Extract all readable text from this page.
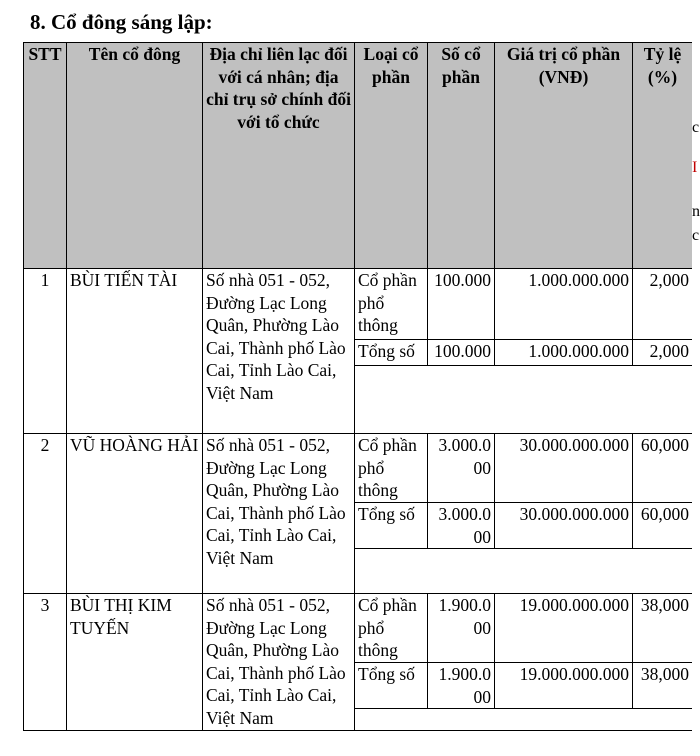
8. Cổ đông sáng lập:
STT	Tên cổ đông	Địa chỉ liên lạc đối với cá nhân; địa chỉ trụ sở chính đối với tổ chức	Loại cổ phần	Số cổ phần	Giá trị cổ phần (VNĐ)	Tỷ lệ (%)
1	BÙI TIẾN TÀI	Số nhà 051 - 052, Đường Lạc Long Quân, Phường Lào Cai, Thành phố Lào Cai, Tỉnh Lào Cai, Việt Nam	Cổ phần phổ thông	100.000	1.000.000.000	2,000
			Tổng số	100.000	1.000.000.000	2,000

2	VŨ HOÀNG HẢI	Số nhà 051 - 052, Đường Lạc Long Quân, Phường Lào Cai, Thành phố Lào Cai, Tỉnh Lào Cai, Việt Nam	Cổ phần phổ thông	3.000.000	30.000.000.000	60,000
			Tổng số	3.000.000	30.000.000.000	60,000

3	BÙI THỊ KIM TUYẾN	Số nhà 051 - 052, Đường Lạc Long Quân, Phường Lào Cai, Thành phố Lào Cai, Tỉnh Lào Cai, Việt Nam	Cổ phần phổ thông	1.900.000	19.000.000.000	38,000
			Tổng số	1.900.000	19.000.000.000	38,000

c
I
n
c
